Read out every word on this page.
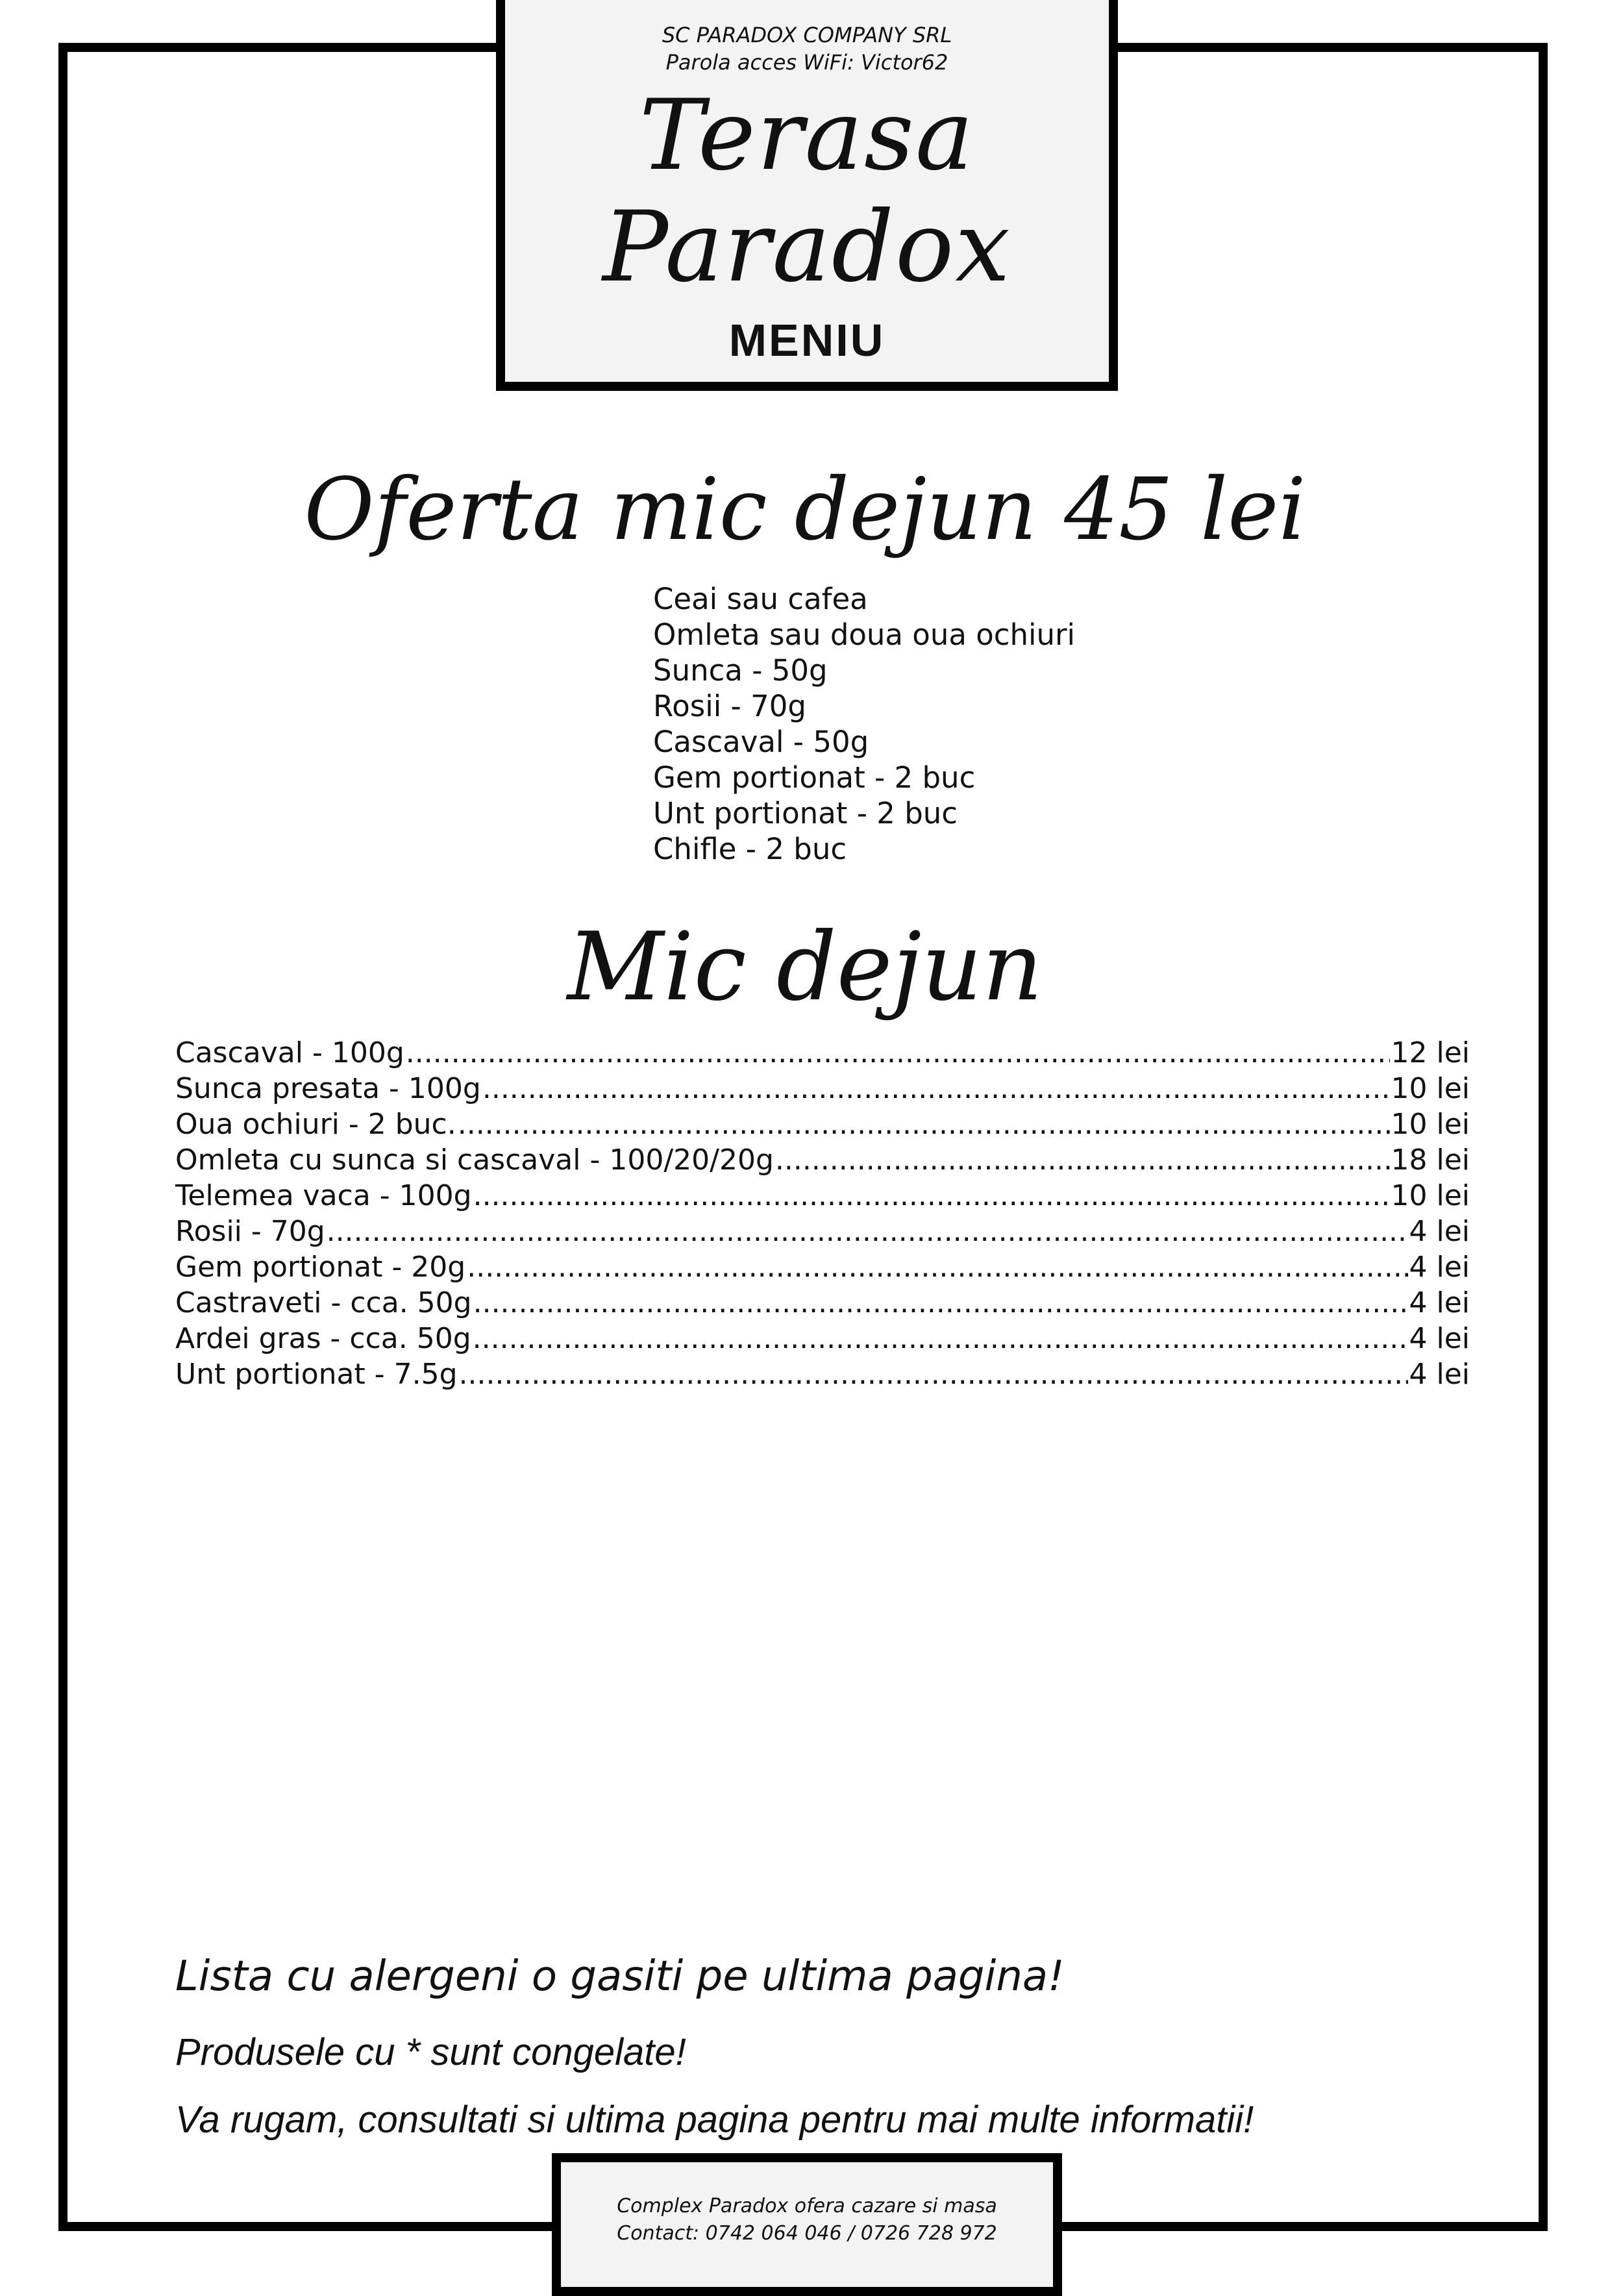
SC PARADOX COMPANY SRL
Parola acces WiFi: Victor62
Terasa
Paradox
MENIU
Oferta mic dejun 45 lei
Ceai sau cafea
Omleta sau doua oua ochiuri
Sunca - 50g
Rosii - 70g
Cascaval - 50g
Gem portionat - 2 buc
Unt portionat - 2 buc
Chifle - 2 buc
Mic dejun
Cascaval - 100g .....	12 lei
Sunca presata - 100g .....	10 lei
Oua ochiuri - 2 buc. .....	10 lei
Omleta cu sunca si cascaval - 100/20/20g .....	18 lei
Telemea vaca - 100g .....	10 lei
Rosii - 70g .....	4 lei
Gem portionat - 20g .....	4 lei
Castraveti - cca. 50g .....	4 lei
Ardei gras - cca. 50g .....	4 lei
Unt portionat - 7.5g .....	4 lei
Lista cu alergeni o gasiti pe ultima pagina!
Produsele cu * sunt congelate!
Va rugam, consultati si ultima pagina pentru mai multe informatii!
Complex Paradox ofera cazare si masa
Contact: 0742 064 046 / 0726 728 972
